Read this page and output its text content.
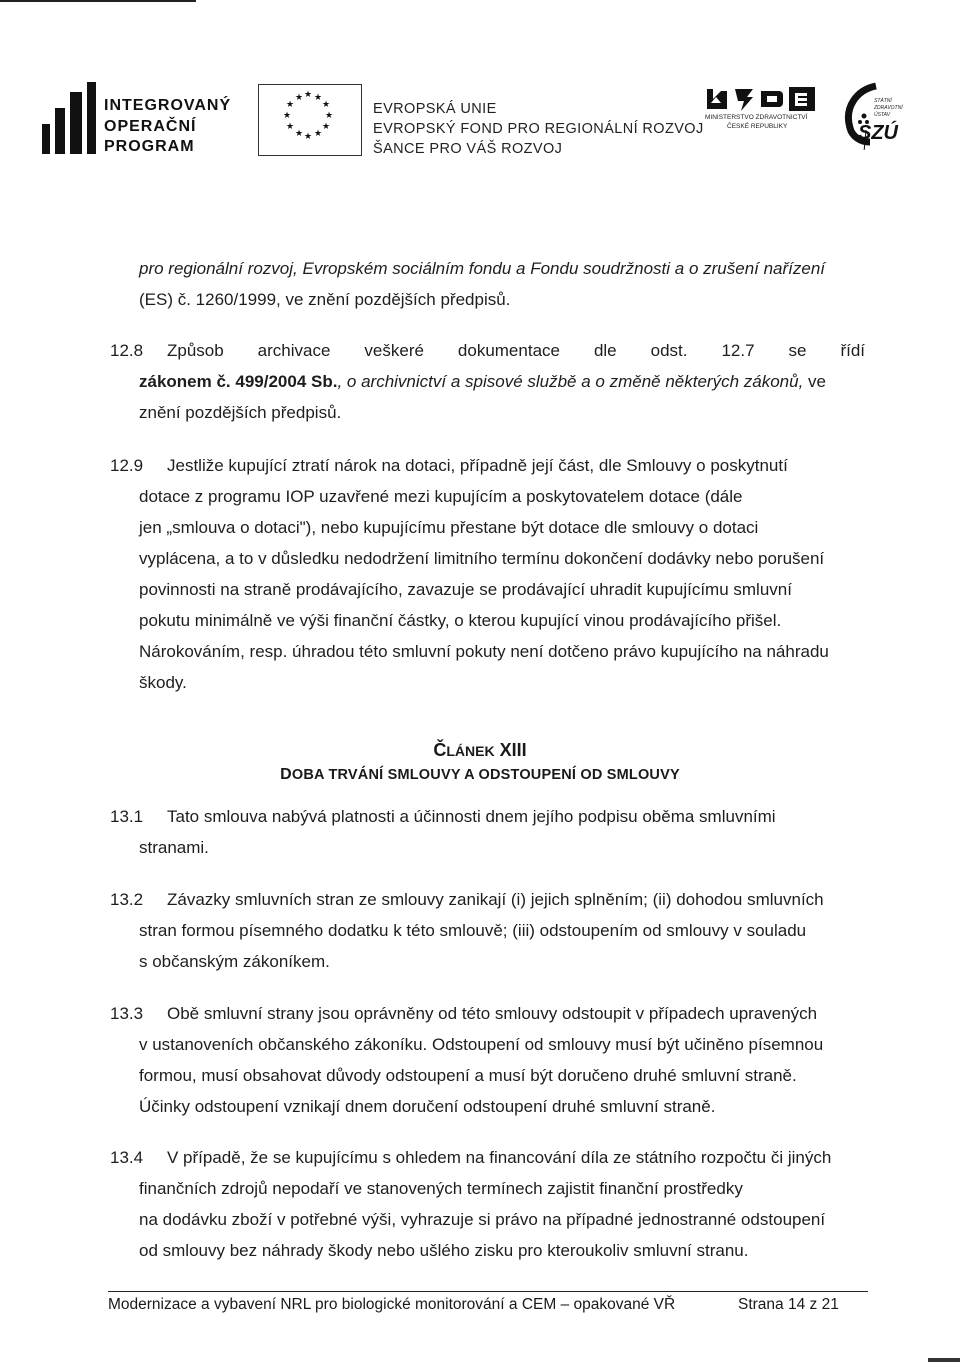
INTEGROVANÝ
OPERAČNÍ
PROGRAM
★
★ ★
★	★
★	★
★	★
★ ★
★
EVROPSKÁ UNIE
EVROPSKÝ FOND PRO REGIONÁLNÍ ROZVOJ
ŠANCE PRO VÁŠ ROZVOJ
MINISTERSTVO ZDRAVOTNICTVÍ
ČESKÉ REPUBLIKY
STÁTNÍ
ZDRAVOTNÍ
ÚSTAV
SZÚ
pro regionální rozvoj, Evropském sociálním fondu a Fondu soudržnosti a o zrušení nařízení
(ES) č. 1260/1999, ve znění pozdějších předpisů.
12.8 Způsob archivace veškeré dokumentace dle odst. 12.7 se řídí
zákonem č. 499/2004 Sb., o archivnictví a spisové službě a o změně některých zákonů, ve
znění pozdějších předpisů.
12.9 Jestliže kupující ztratí nárok na dotaci, případně její část, dle Smlouvy o poskytnutí
dotace z programu IOP uzavřené mezi kupujícím a poskytovatelem dotace (dále
jen „smlouva o dotaci"), nebo kupujícímu přestane být dotace dle smlouvy o dotaci
vyplácena, a to v důsledku nedodržení limitního termínu dokončení dodávky nebo porušení
povinnosti na straně prodávajícího, zavazuje se prodávající uhradit kupujícímu smluvní
pokutu minimálně ve výši finanční částky, o kterou kupující vinou prodávajícího přišel.
Nárokováním, resp. úhradou této smluvní pokuty není dotčeno právo kupujícího na náhradu
škody.
ČLÁNEK XIII
DOBA TRVÁNÍ SMLOUVY A ODSTOUPENÍ OD SMLOUVY
13.1 Tato smlouva nabývá platnosti a účinnosti dnem jejího podpisu oběma smluvními
stranami.
13.2 Závazky smluvních stran ze smlouvy zanikají (i) jejich splněním; (ii) dohodou smluvních
stran formou písemného dodatku k této smlouvě; (iii) odstoupením od smlouvy v souladu
s občanským zákoníkem.
13.3 Obě smluvní strany jsou oprávněny od této smlouvy odstoupit v případech upravených
v ustanoveních občanského zákoníku. Odstoupení od smlouvy musí být učiněno písemnou
formou, musí obsahovat důvody odstoupení a musí být doručeno druhé smluvní straně.
Účinky odstoupení vznikají dnem doručení odstoupení druhé smluvní straně.
13.4 V případě, že se kupujícímu s ohledem na financování díla ze státního rozpočtu či jiných
finančních zdrojů nepodaří ve stanovených termínech zajistit finanční prostředky
na dodávku zboží v potřebné výši, vyhrazuje si právo na případné jednostranné odstoupení
od smlouvy bez náhrady škody nebo ušlého zisku pro kteroukoliv smluvní stranu.
Modernizace a vybavení NRL pro biologické monitorování a CEM – opakované VŘ	Strana 14 z 21
